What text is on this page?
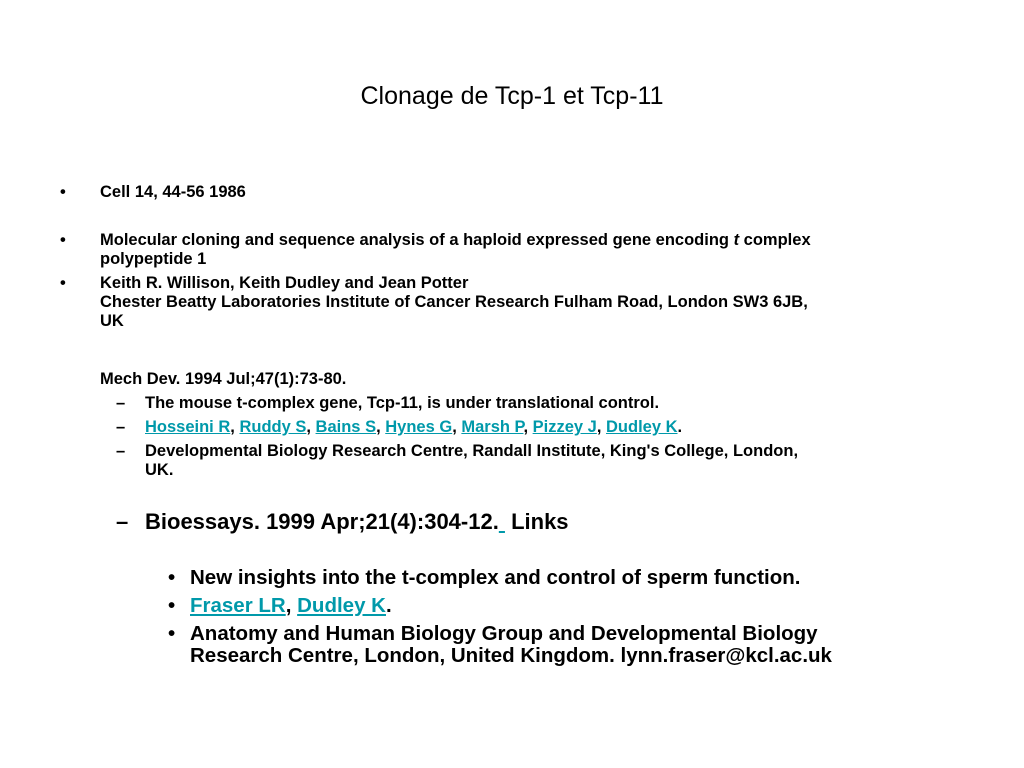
Clonage de Tcp-1 et Tcp-11
• Cell 14, 44-56 1986
• Molecular cloning and sequence analysis of a haploid expressed gene encoding t complex
polypeptide 1
• Keith R. Willison, Keith Dudley and Jean Potter
Chester Beatty Laboratories Institute of Cancer Research Fulham Road, London SW3 6JB,
UK
Mech Dev. 1994 Jul;47(1):73-80.
– The mouse t-complex gene, Tcp-11, is under translational control.
– Hosseini R, Ruddy S, Bains S, Hynes G, Marsh P, Pizzey J, Dudley K.
– Developmental Biology Research Centre, Randall Institute, King's College, London,
UK.
– Bioessays. 1999 Apr;21(4):304-12. Links
• New insights into the t-complex and control of sperm function.
• Fraser LR, Dudley K.
• Anatomy and Human Biology Group and Developmental Biology
Research Centre, London, United Kingdom. lynn.fraser@kcl.ac.uk
